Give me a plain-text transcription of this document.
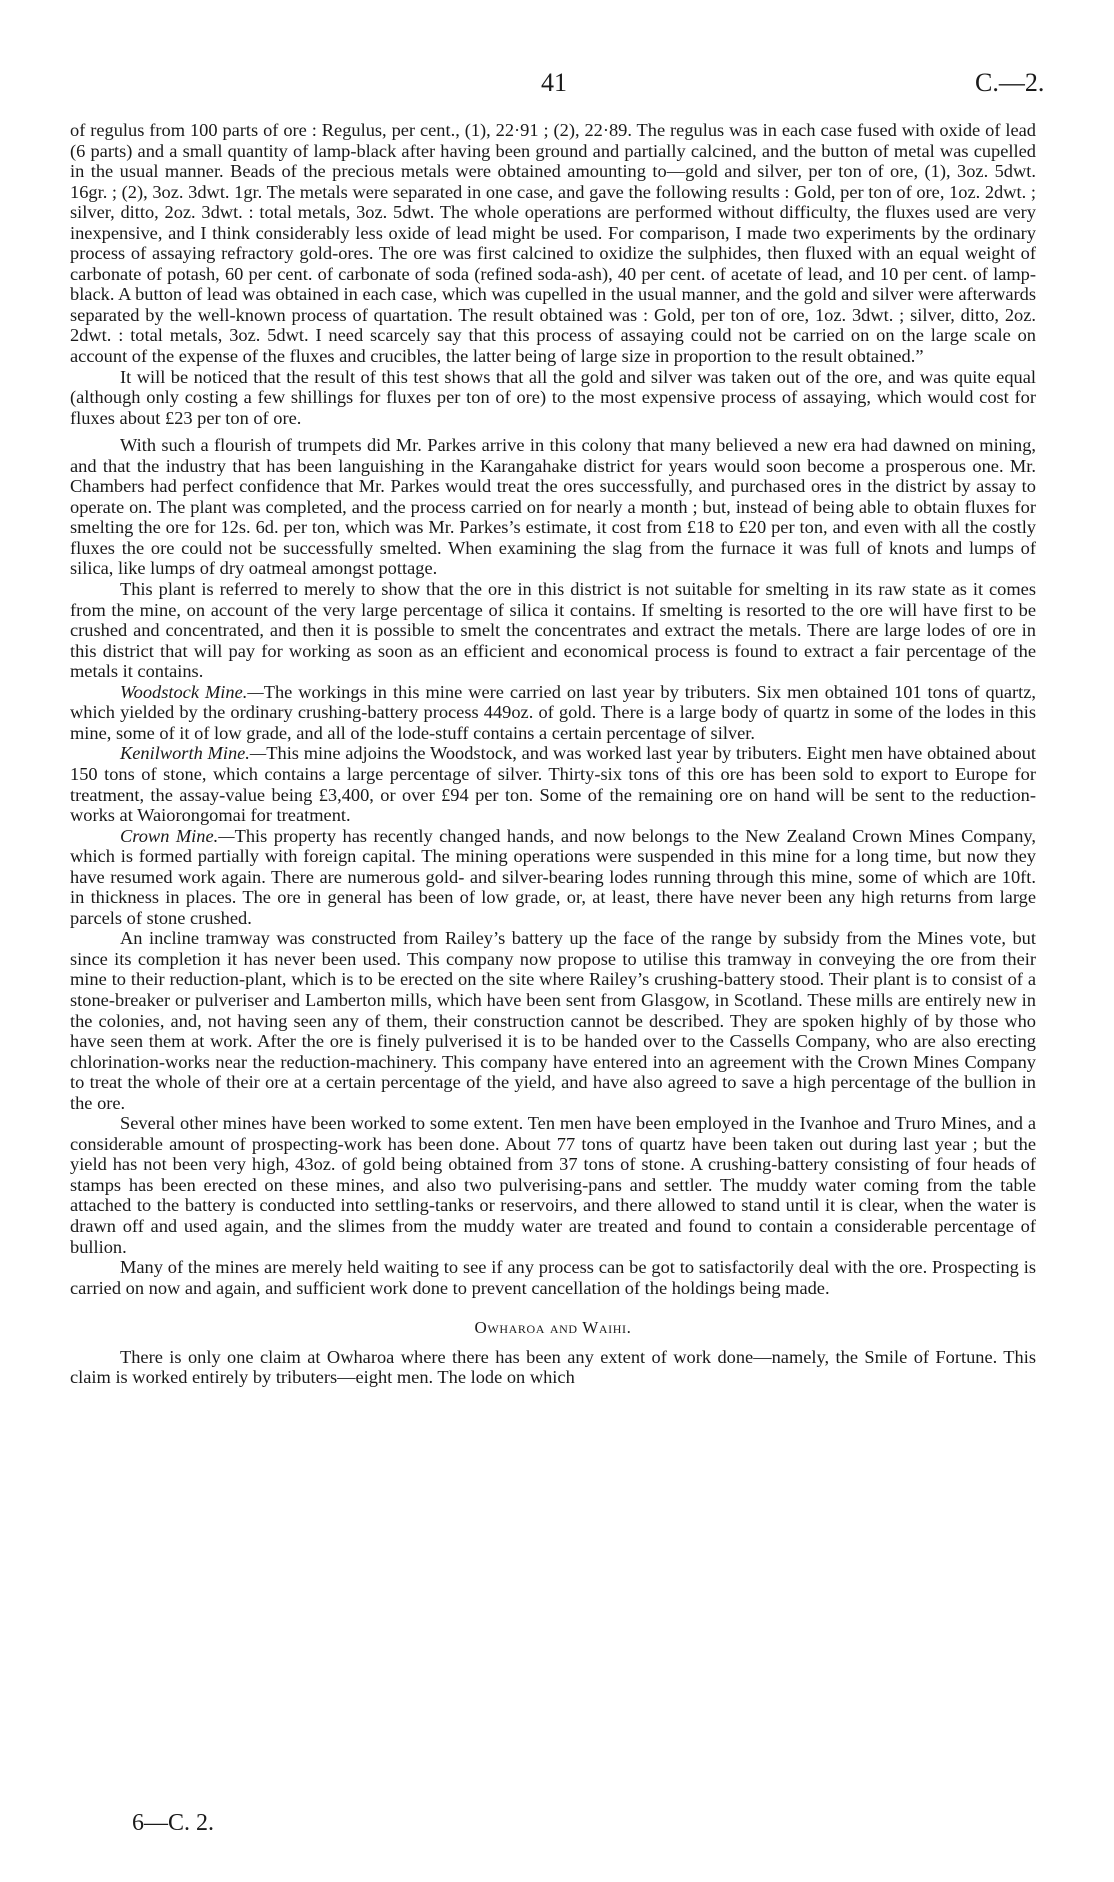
41	C.—2.

of regulus from 100 parts of ore : Regulus, per cent., (1), 22·91 ; (2), 22·89. The regulus was in each case fused with oxide of lead (6 parts) and a small quantity of lamp-black after having been ground and partially calcined, and the button of metal was cupelled in the usual manner. Beads of the precious metals were obtained amounting to—gold and silver, per ton of ore, (1), 3oz. 5dwt. 16gr. ; (2), 3oz. 3dwt. 1gr. The metals were separated in one case, and gave the following results : Gold, per ton of ore, 1oz. 2dwt. ; silver, ditto, 2oz. 3dwt. : total metals, 3oz. 5dwt. The whole operations are performed without difficulty, the fluxes used are very inexpensive, and I think considerably less oxide of lead might be used. For comparison, I made two experiments by the ordinary process of assaying refractory gold-ores. The ore was first calcined to oxidize the sulphides, then fluxed with an equal weight of carbonate of potash, 60 per cent. of carbonate of soda (refined soda-ash), 40 per cent. of acetate of lead, and 10 per cent. of lamp-black. A button of lead was obtained in each case, which was cupelled in the usual manner, and the gold and silver were afterwards separated by the well-known process of quartation. The result obtained was : Gold, per ton of ore, 1oz. 3dwt. ; silver, ditto, 2oz. 2dwt. : total metals, 3oz. 5dwt. I need scarcely say that this process of assaying could not be carried on on the large scale on account of the expense of the fluxes and crucibles, the latter being of large size in proportion to the result obtained.”

It will be noticed that the result of this test shows that all the gold and silver was taken out of the ore, and was quite equal (although only costing a few shillings for fluxes per ton of ore) to the most expensive process of assaying, which would cost for fluxes about £23 per ton of ore.

With such a flourish of trumpets did Mr. Parkes arrive in this colony that many believed a new era had dawned on mining, and that the industry that has been languishing in the Karangahake district for years would soon become a prosperous one. Mr. Chambers had perfect confidence that Mr. Parkes would treat the ores successfully, and purchased ores in the district by assay to operate on. The plant was completed, and the process carried on for nearly a month ; but, instead of being able to obtain fluxes for smelting the ore for 12s. 6d. per ton, which was Mr. Parkes’s estimate, it cost from £18 to £20 per ton, and even with all the costly fluxes the ore could not be successfully smelted. When examining the slag from the furnace it was full of knots and lumps of silica, like lumps of dry oatmeal amongst pottage.

This plant is referred to merely to show that the ore in this district is not suitable for smelting in its raw state as it comes from the mine, on account of the very large percentage of silica it contains. If smelting is resorted to the ore will have first to be crushed and concentrated, and then it is possible to smelt the concentrates and extract the metals. There are large lodes of ore in this district that will pay for working as soon as an efficient and economical process is found to extract a fair percentage of the metals it contains.

Woodstock Mine.—The workings in this mine were carried on last year by tributers. Six men obtained 101 tons of quartz, which yielded by the ordinary crushing-battery process 449oz. of gold. There is a large body of quartz in some of the lodes in this mine, some of it of low grade, and all of the lode-stuff contains a certain percentage of silver.

Kenilworth Mine.—This mine adjoins the Woodstock, and was worked last year by tributers. Eight men have obtained about 150 tons of stone, which contains a large percentage of silver. Thirty-six tons of this ore has been sold to export to Europe for treatment, the assay-value being £3,400, or over £94 per ton. Some of the remaining ore on hand will be sent to the reduction-works at Waiorongomai for treatment.

Crown Mine.—This property has recently changed hands, and now belongs to the New Zealand Crown Mines Company, which is formed partially with foreign capital. The mining operations were suspended in this mine for a long time, but now they have resumed work again. There are numerous gold- and silver-bearing lodes running through this mine, some of which are 10ft. in thickness in places. The ore in general has been of low grade, or, at least, there have never been any high returns from large parcels of stone crushed.

An incline tramway was constructed from Railey’s battery up the face of the range by subsidy from the Mines vote, but since its completion it has never been used. This company now propose to utilise this tramway in conveying the ore from their mine to their reduction-plant, which is to be erected on the site where Railey’s crushing-battery stood. Their plant is to consist of a stone-breaker or pulveriser and Lamberton mills, which have been sent from Glasgow, in Scotland. These mills are entirely new in the colonies, and, not having seen any of them, their construction cannot be described. They are spoken highly of by those who have seen them at work. After the ore is finely pulverised it is to be handed over to the Cassells Company, who are also erecting chlorination-works near the reduction-machinery. This company have entered into an agreement with the Crown Mines Company to treat the whole of their ore at a certain percentage of the yield, and have also agreed to save a high percentage of the bullion in the ore.

Several other mines have been worked to some extent. Ten men have been employed in the Ivanhoe and Truro Mines, and a considerable amount of prospecting-work has been done. About 77 tons of quartz have been taken out during last year ; but the yield has not been very high, 43oz. of gold being obtained from 37 tons of stone. A crushing-battery consisting of four heads of stamps has been erected on these mines, and also two pulverising-pans and settler. The muddy water coming from the table attached to the battery is conducted into settling-tanks or reservoirs, and there allowed to stand until it is clear, when the water is drawn off and used again, and the slimes from the muddy water are treated and found to contain a considerable percentage of bullion.

Many of the mines are merely held waiting to see if any process can be got to satisfactorily deal with the ore. Prospecting is carried on now and again, and sufficient work done to prevent cancellation of the holdings being made.

Owharoa and Waihi.

There is only one claim at Owharoa where there has been any extent of work done—namely, the Smile of Fortune. This claim is worked entirely by tributers—eight men. The lode on which

6—C. 2.
